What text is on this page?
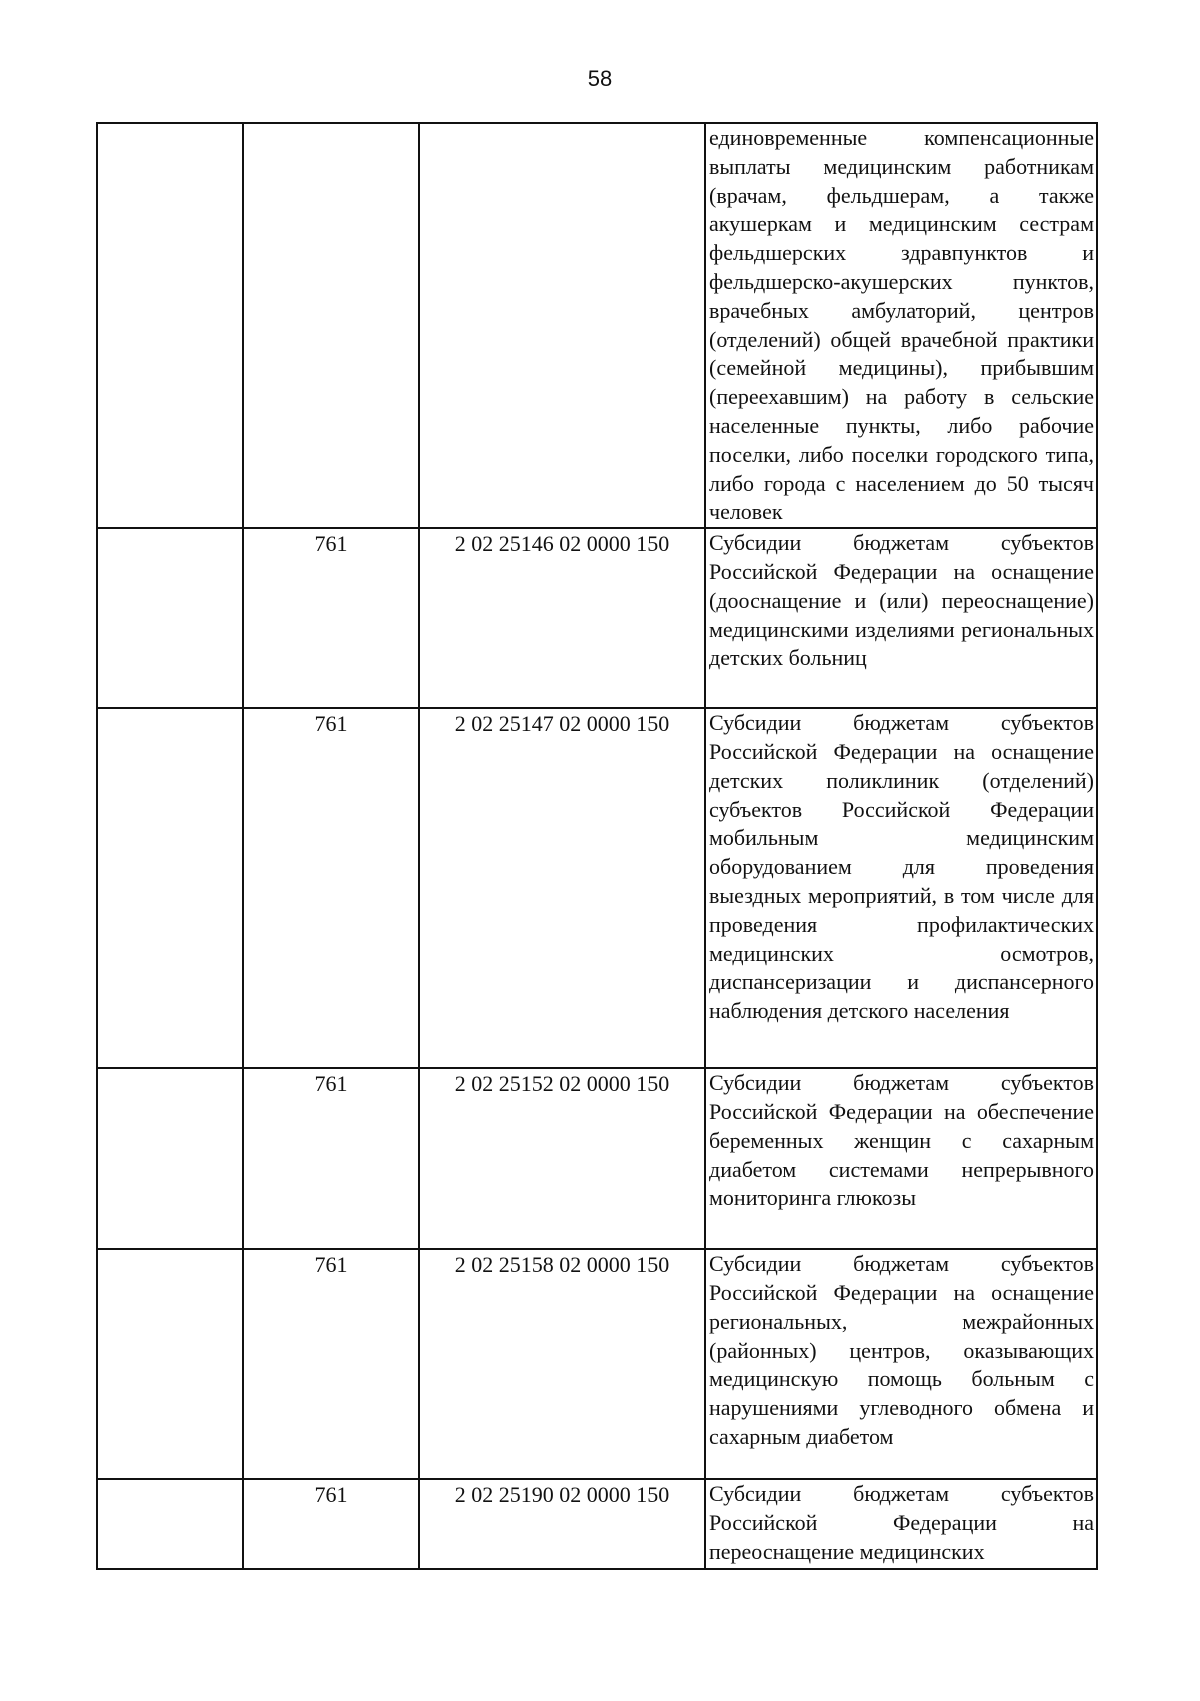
58
			единовременные компенсационные выплаты медицинским работникам (врачам, фельдшерам, а также акушеркам и медицинским сестрам фельдшерских здравпунктов и фельдшерско-акушерских пунктов, врачебных амбулаторий, центров (отделений) общей врачебной практики (семейной медицины), прибывшим (переехавшим) на работу в сельские населенные пункты, либо рабочие поселки, либо поселки городского типа, либо города с населением до 50 тысяч человек
	761	2 02 25146 02 0000 150	Субсидии бюджетам субъектов Российской Федерации на оснащение (дооснащение и (или) переоснащение) медицинскими изделиями региональных детских больниц
	761	2 02 25147 02 0000 150	Субсидии бюджетам субъектов Российской Федерации на оснащение детских поликлиник (отделений) субъектов Российской Федерации мобильным медицинским оборудованием для проведения выездных мероприятий, в том числе для проведения профилактических медицинских осмотров, диспансеризации и диспансерного наблюдения детского населения
	761	2 02 25152 02 0000 150	Субсидии бюджетам субъектов Российской Федерации на обеспечение беременных женщин с сахарным диабетом системами непрерывного мониторинга глюкозы
	761	2 02 25158 02 0000 150	Субсидии бюджетам субъектов Российской Федерации на оснащение региональных, межрайонных (районных) центров, оказывающих медицинскую помощь больным с нарушениями углеводного обмена и сахарным диабетом
	761	2 02 25190 02 0000 150	Субсидии бюджетам субъектов Российской Федерации на переоснащение медицинских
